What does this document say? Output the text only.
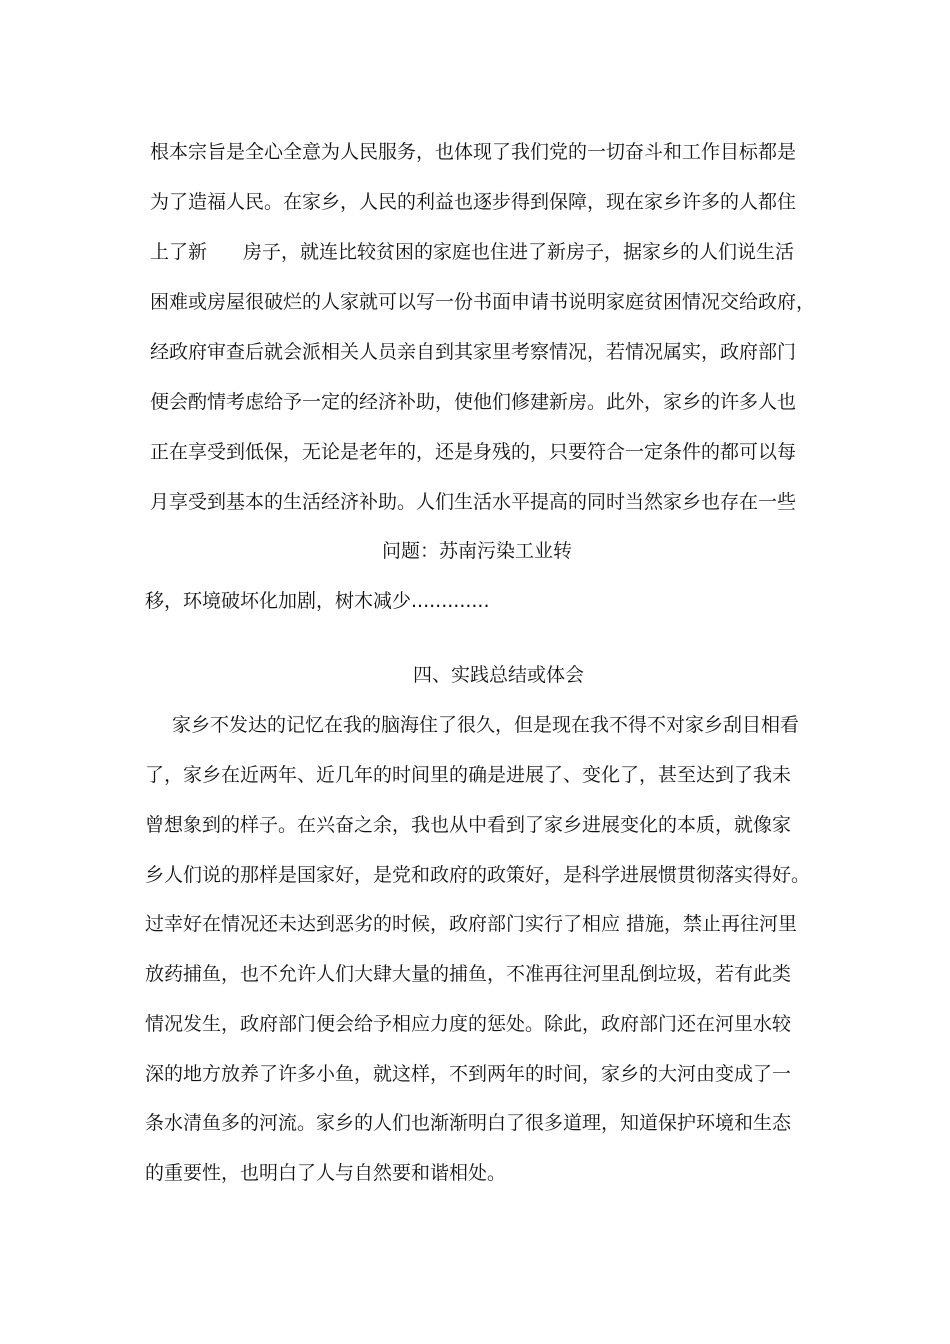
根本宗旨是全心全意为人民服务，也体现了我们党的一切奋斗和工作目标都是
为了造福人民。在家乡，人民的利益也逐步得到保障，现在家乡许多的人都住
上了新 房子，就连比较贫困的家庭也住进了新房子，据家乡的人们说生活
困难或房屋很破烂的人家就可以写一份书面申请书说明家庭贫困情况交给政府，
经政府审查后就会派相关人员亲自到其家里考察情况，若情况属实，政府部门
便会酌情考虑给予一定的经济补助，使他们修建新房。此外，家乡的许多人也
正在享受到低保，无论是老年的，还是身残的，只要符合一定条件的都可以每
月享受到基本的生活经济补助。人们生活水平提高的同时当然家乡也存在一些
问题：苏南污染工业转
移，环境破坏化加剧，树木减少.............
四、实践总结或体会
家乡不发达的记忆在我的脑海住了很久，但是现在我不得不对家乡刮目相看
了，家乡在近两年、近几年的时间里的确是进展了、变化了，甚至达到了我未
曾想象到的样子。在兴奋之余，我也从中看到了家乡进展变化的本质，就像家
乡人们说的那样是国家好，是党和政府的政策好，是科学进展惯贯彻落实得好。
过幸好在情况还未达到恶劣的时候，政府部门实行了相应 措施，禁止再往河里
放药捕鱼，也不允许人们大肆大量的捕鱼，不准再往河里乱倒垃圾，若有此类
情况发生，政府部门便会给予相应力度的惩处。除此，政府部门还在河里水较
深的地方放养了许多小鱼，就这样，不到两年的时间，家乡的大河由变成了一
条水清鱼多的河流。家乡的人们也渐渐明白了很多道理，知道保护环境和生态
的重要性，也明白了人与自然要和谐相处。
